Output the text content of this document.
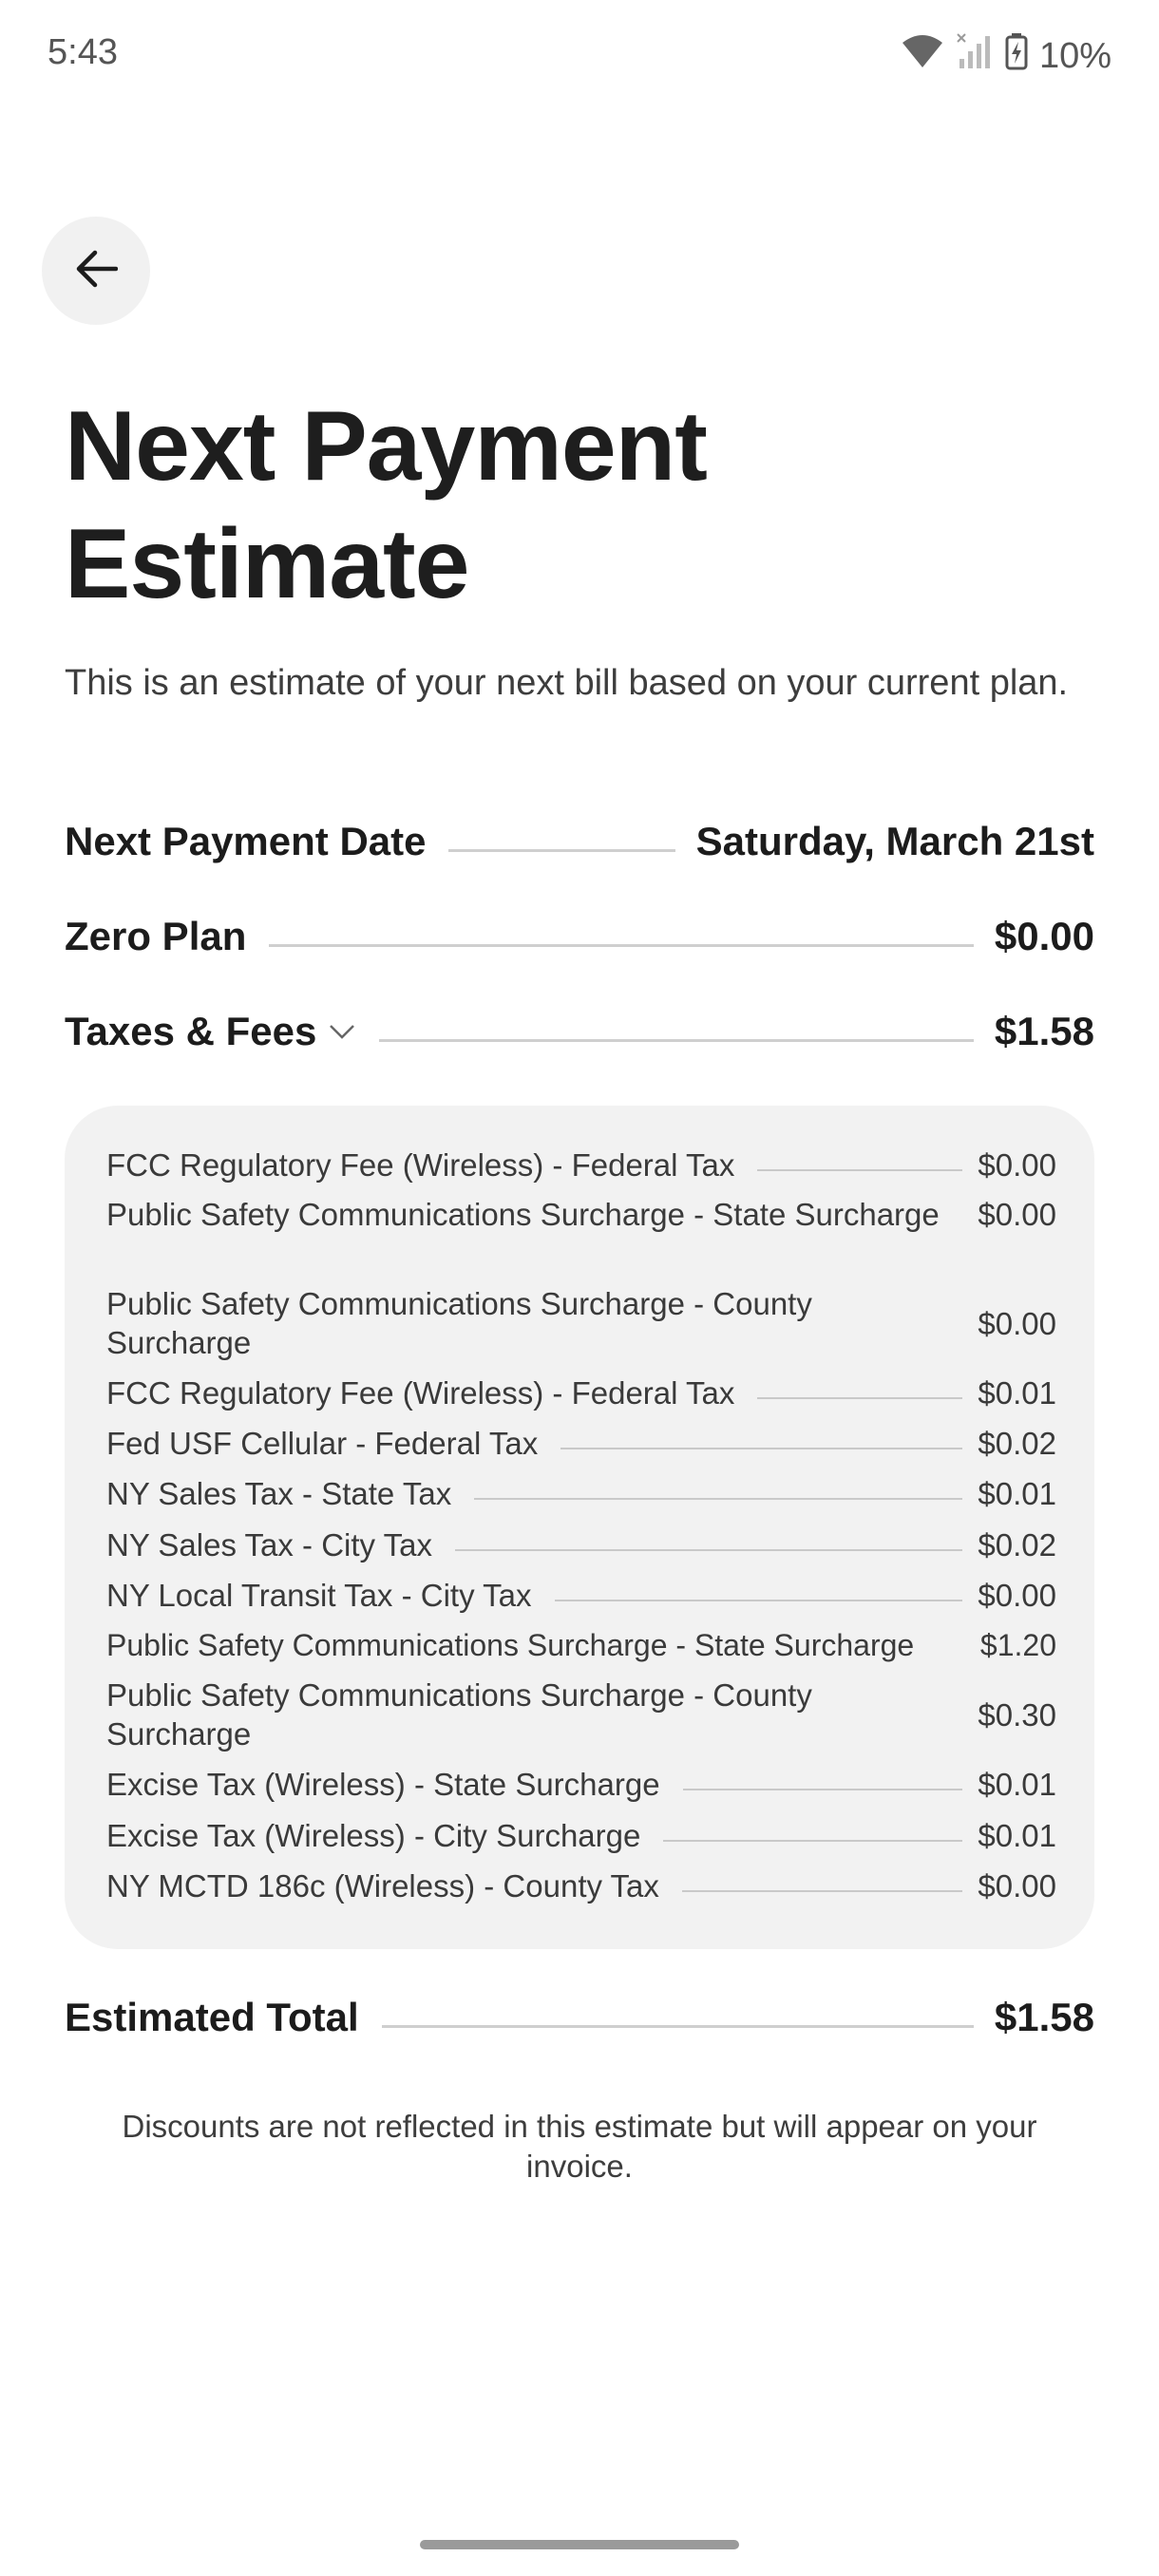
5:43	10%
Next Payment Estimate
This is an estimate of your next bill based on your current plan.
Next Payment Date	Saturday, March 21st
Zero Plan	$0.00
Taxes & Fees	$1.58
FCC Regulatory Fee (Wireless) - Federal Tax	$0.00
Public Safety Communications Surcharge - State Surcharge $0.00
Public Safety Communications Surcharge - County Surcharge
$0.00
FCC Regulatory Fee (Wireless) - Federal Tax	$0.01
Fed USF Cellular - Federal Tax	$0.02
NY Sales Tax - State Tax	$0.01
NY Sales Tax - City Tax	$0.02
NY Local Transit Tax - City Tax	$0.00
Public Safety Communications Surcharge - State Surcharge $1.20
Public Safety Communications Surcharge - County Surcharge
$0.30
Excise Tax (Wireless) - State Surcharge	$0.01
Excise Tax (Wireless) - City Surcharge	$0.01
NY MCTD 186c (Wireless) - County Tax	$0.00
Estimated Total	$1.58
Discounts are not reflected in this estimate but will appear on your invoice.
